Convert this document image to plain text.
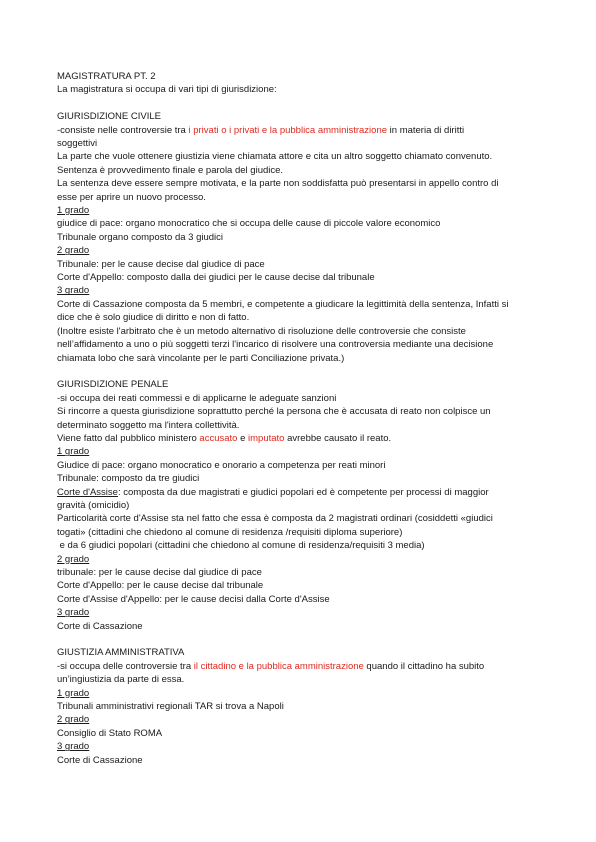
MAGISTRATURA PT. 2
La magistratura si occupa di vari tipi di giurisdizione:
GIURISDIZIONE CIVILE
-consiste nelle controversie tra i privati o i privati e la pubblica amministrazione in materia di diritti
soggettivi
La parte che vuole ottenere giustizia viene chiamata attore e cita un altro soggetto chiamato convenuto.
Sentenza è provvedimento finale e parola del giudice.
La sentenza deve essere sempre motivata, e la parte non soddisfatta può presentarsi in appello contro di
esse per aprire un nuovo processo.
1 grado
giudice di pace: organo monocratico che si occupa delle cause di piccole valore economico
Tribunale organo composto da 3 giudici
2 grado
Tribunale: per le cause decise dal giudice di pace
Corte d'Appello: composto dalla dei giudici per le cause decise dal tribunale
3 grado
Corte di Cassazione composta da 5 membri, e competente a giudicare la legittimità della sentenza, Infatti si
dice che è solo giudice di diritto e non di fatto.
(Inoltre esiste l'arbitrato che è un metodo alternativo di risoluzione delle controversie che consiste
nell’affidamento a uno o più soggetti terzi l'incarico di risolvere una controversia mediante una decisione
chiamata lobo che sarà vincolante per le parti Conciliazione privata.)
GIURISDIZIONE PENALE
-si occupa dei reati commessi e di applicarne le adeguate sanzioni
Si rincorre a questa giurisdizione soprattutto perché la persona che è accusata di reato non colpisce un
determinato soggetto ma l'intera collettività.
Viene fatto dal pubblico ministero accusato e imputato avrebbe causato il reato.
1 grado
Giudice di pace: organo monocratico e onorario a competenza per reati minori
Tribunale: composto da tre giudici
Corte d'Assise: composta da due magistrati e giudici popolari ed è competente per processi di maggior
gravità (omicidio)
Particolarità corte d'Assise sta nel fatto che essa è composta da 2 magistrati ordinari (cosiddetti «giudici
togati» (cittadini che chiedono al comune di residenza /requisiti diploma superiore)
e da 6 giudici popolari (cittadini che chiedono al comune di residenza/requisiti 3 media)
2 grado
tribunale: per le cause decise dal giudice di pace
Corte d'Appello: per le cause decise dal tribunale
Corte d'Assise d'Appello: per le cause decisi dalla Corte d'Assise
3 grado
Corte di Cassazione
GIUSTIZIA AMMINISTRATIVA
-si occupa delle controversie tra il cittadino e la pubblica amministrazione quando il cittadino ha subito
un’ingiustizia da parte di essa.
1 grado
Tribunali amministrativi regionali TAR si trova a Napoli
2 grado
Consiglio di Stato ROMA
3 grado
Corte di Cassazione
